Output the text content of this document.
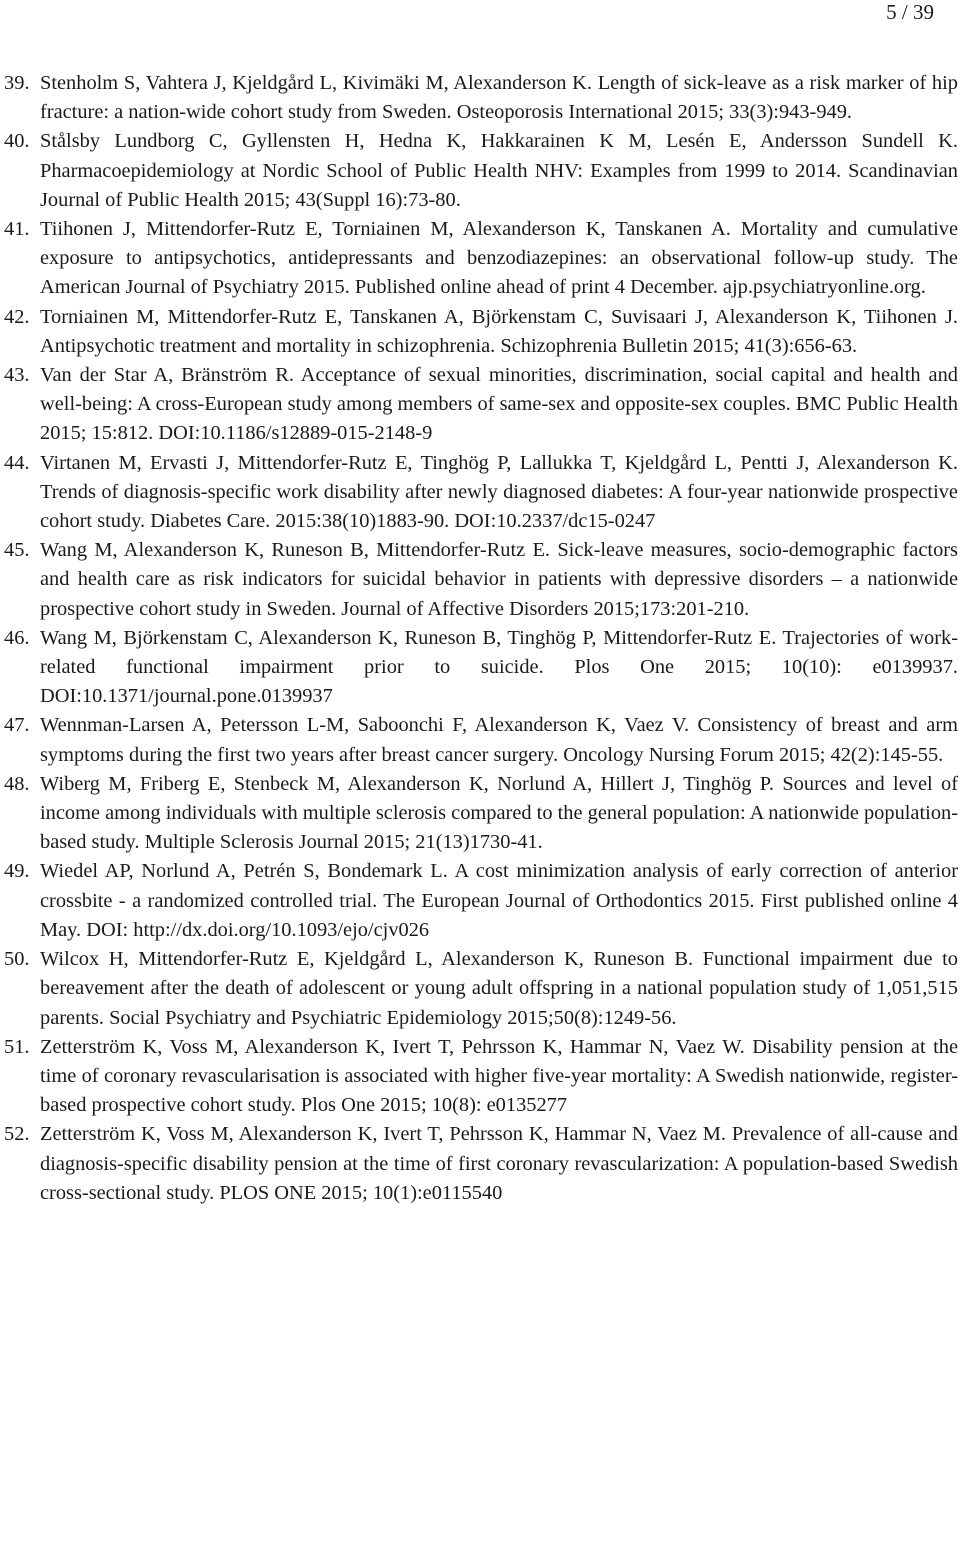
5 / 39
39. Stenholm S, Vahtera J, Kjeldgård L, Kivimäki M, Alexanderson K. Length of sick-leave as a risk marker of hip fracture: a nation-wide cohort study from Sweden. Osteoporosis International 2015; 33(3):943-949.
40. Stålsby Lundborg C, Gyllensten H, Hedna K, Hakkarainen K M, Lesén E, Andersson Sundell K. Pharmacoepidemiology at Nordic School of Public Health NHV: Examples from 1999 to 2014. Scandinavian Journal of Public Health 2015; 43(Suppl 16):73-80.
41. Tiihonen J, Mittendorfer-Rutz E, Torniainen M, Alexanderson K, Tanskanen A. Mortality and cumulative exposure to antipsychotics, antidepressants and benzodiazepines: an observational follow-up study. The American Journal of Psychiatry 2015. Published online ahead of print 4 December. ajp.psychiatryonline.org.
42. Torniainen M, Mittendorfer-Rutz E, Tanskanen A, Björkenstam C, Suvisaari J, Alexanderson K, Tiihonen J. Antipsychotic treatment and mortality in schizophrenia. Schizophrenia Bulletin 2015; 41(3):656-63.
43. Van der Star A, Bränström R. Acceptance of sexual minorities, discrimination, social capital and health and well-being: A cross-European study among members of same-sex and opposite-sex couples. BMC Public Health 2015; 15:812. DOI:10.1186/s12889-015-2148-9
44. Virtanen M, Ervasti J, Mittendorfer-Rutz E, Tinghög P, Lallukka T, Kjeldgård L, Pentti J, Alexanderson K. Trends of diagnosis-specific work disability after newly diagnosed diabetes: A four-year nationwide prospective cohort study. Diabetes Care. 2015:38(10)1883-90. DOI:10.2337/dc15-0247
45. Wang M, Alexanderson K, Runeson B, Mittendorfer-Rutz E. Sick-leave measures, socio-demographic factors and health care as risk indicators for suicidal behavior in patients with depressive disorders – a nationwide prospective cohort study in Sweden. Journal of Affective Disorders 2015;173:201-210.
46. Wang M, Björkenstam C, Alexanderson K, Runeson B, Tinghög P, Mittendorfer-Rutz E. Trajectories of work-related functional impairment prior to suicide. Plos One 2015; 10(10): e0139937. DOI:10.1371/journal.pone.0139937
47. Wennman-Larsen A, Petersson L-M, Saboonchi F, Alexanderson K, Vaez V. Consistency of breast and arm symptoms during the first two years after breast cancer surgery. Oncology Nursing Forum 2015; 42(2):145-55.
48. Wiberg M, Friberg E, Stenbeck M, Alexanderson K, Norlund A, Hillert J, Tinghög P. Sources and level of income among individuals with multiple sclerosis compared to the general population: A nationwide population-based study. Multiple Sclerosis Journal 2015; 21(13)1730-41.
49. Wiedel AP, Norlund A, Petrén S, Bondemark L. A cost minimization analysis of early correction of anterior crossbite - a randomized controlled trial. The European Journal of Orthodontics 2015. First published online 4 May. DOI: http://dx.doi.org/10.1093/ejo/cjv026
50. Wilcox H, Mittendorfer-Rutz E, Kjeldgård L, Alexanderson K, Runeson B. Functional impairment due to bereavement after the death of adolescent or young adult offspring in a national population study of 1,051,515 parents. Social Psychiatry and Psychiatric Epidemiology 2015;50(8):1249-56.
51. Zetterström K, Voss M, Alexanderson K, Ivert T, Pehrsson K, Hammar N, Vaez W. Disability pension at the time of coronary revascularisation is associated with higher five-year mortality: A Swedish nationwide, register-based prospective cohort study. Plos One 2015; 10(8): e0135277
52. Zetterström K, Voss M, Alexanderson K, Ivert T, Pehrsson K, Hammar N, Vaez M. Prevalence of all-cause and diagnosis-specific disability pension at the time of first coronary revascularization: A population-based Swedish cross-sectional study. PLOS ONE 2015; 10(1):e0115540
